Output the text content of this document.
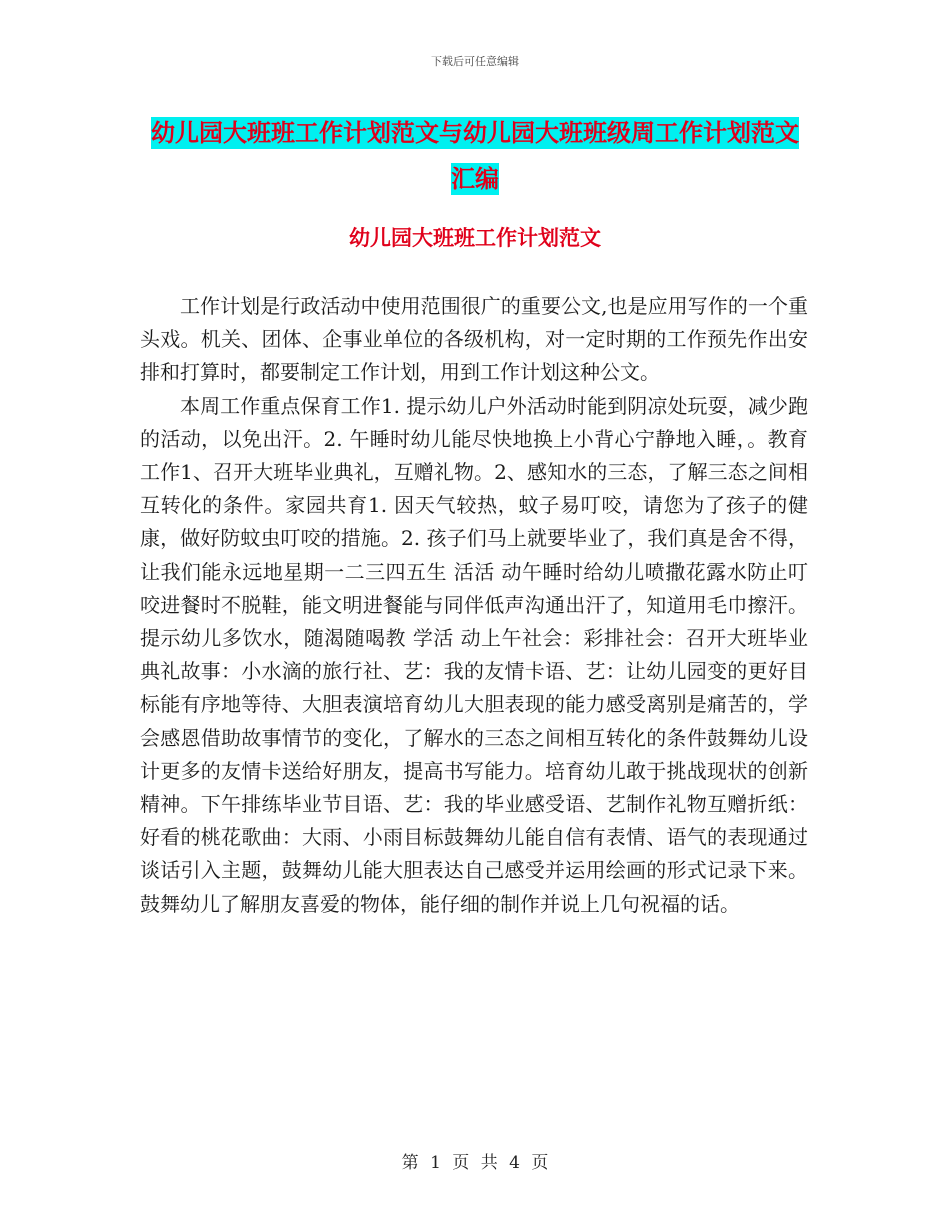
下载后可任意编辑
幼儿园大班班工作计划范文与幼儿园大班班级周工作计划范文汇编
幼儿园大班班工作计划范文

工作计划是行政活动中使用范围很广的重要公文,也是应用写作的一个重头戏。机关、团体、企事业单位的各级机构，对一定时期的工作预先作出安排和打算时，都要制定工作计划，用到工作计划这种公文。

本周工作重点保育工作1. 提示幼儿户外活动时能到阴凉处玩耍，减少跑的活动，以免出汗。2. 午睡时幼儿能尽快地换上小背心宁静地入睡，。教育工作1、召开大班毕业典礼，互赠礼物。2、感知水的三态，了解三态之间相互转化的条件。家园共育1. 因天气较热，蚊子易叮咬，请您为了孩子的健康，做好防蚊虫叮咬的措施。2. 孩子们马上就要毕业了，我们真是舍不得，让我们能永远地星期一二三四五生 活活 动午睡时给幼儿喷撒花露水防止叮咬进餐时不脱鞋，能文明进餐能与同伴低声沟通出汗了，知道用毛巾擦汗。提示幼儿多饮水，随渴随喝教 学活 动上午社会：彩排社会：召开大班毕业典礼故事：小水滴的旅行社、艺：我的友情卡语、艺：让幼儿园变的更好目标能有序地等待、大胆表演培育幼儿大胆表现的能力感受离别是痛苦的，学会感恩借助故事情节的变化，了解水的三态之间相互转化的条件鼓舞幼儿设计更多的友情卡送给好朋友，提高书写能力。培育幼儿敢于挑战现状的创新精神。下午排练毕业节目语、艺：我的毕业感受语、艺制作礼物互赠折纸：好看的桃花歌曲：大雨、小雨目标鼓舞幼儿能自信有表情、语气的表现通过谈话引入主题，鼓舞幼儿能大胆表达自己感受并运用绘画的形式记录下来。鼓舞幼儿了解朋友喜爱的物体，能仔细的制作并说上几句祝福的话。

第 1 页 共 4 页
